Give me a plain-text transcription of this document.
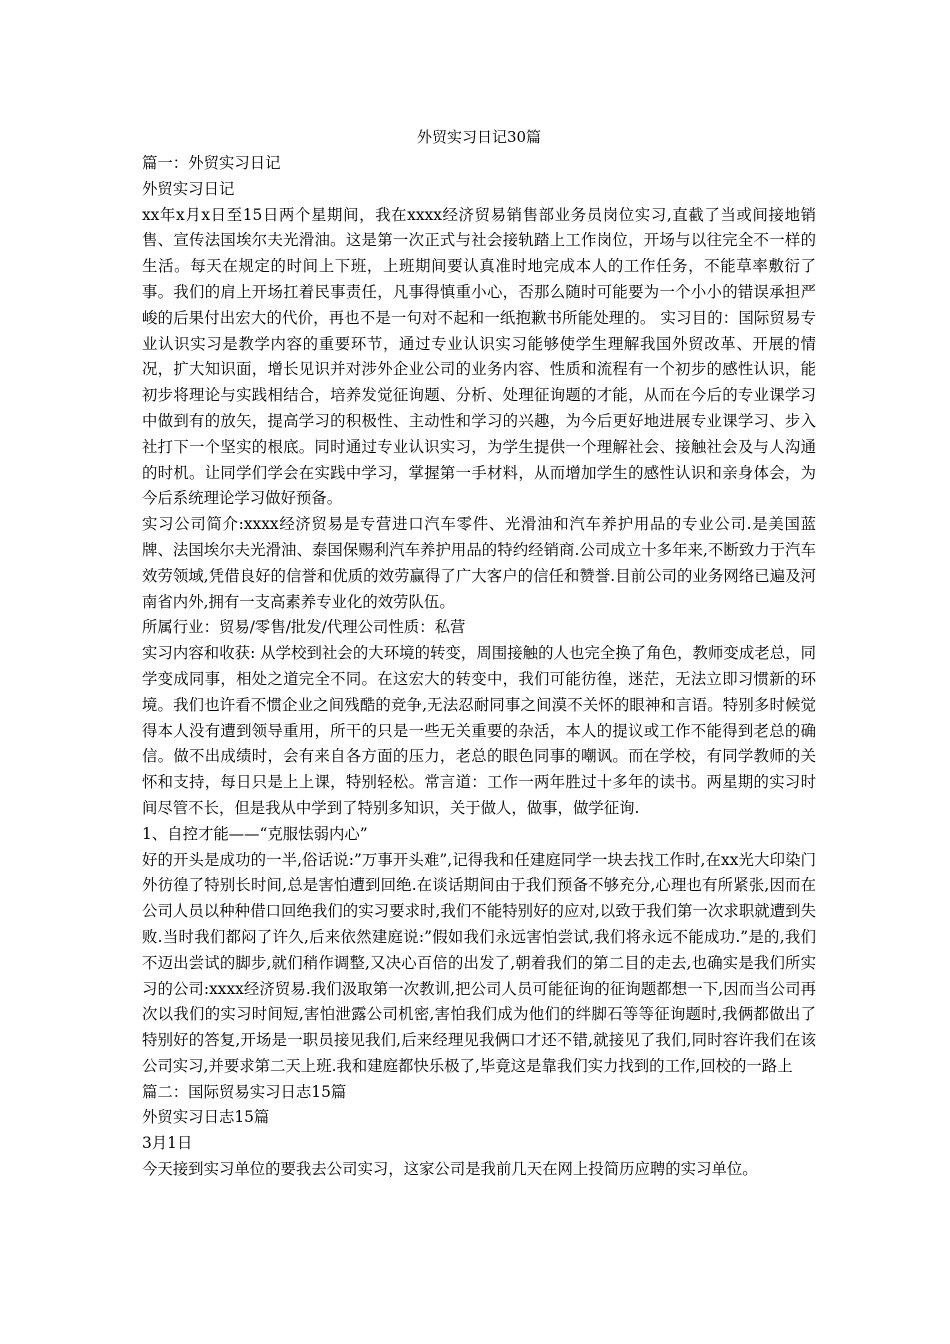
外贸实习日记30篇

篇一：外贸实习日记

外贸实习日记

xx年x月x日至15日两个星期间，我在xxxx经济贸易销售部业务员岗位实习,直截了当或间接地销售、宣传法国埃尔夫光滑油。这是第一次正式与社会接轨踏上工作岗位，开场与以往完全不一样的生活。每天在规定的时间上下班，上班期间要认真准时地完成本人的工作任务，不能草率敷衍了事。我们的肩上开场扛着民事责任，凡事得慎重小心，否那么随时可能要为一个小小的错误承担严峻的后果付出宏大的代价，再也不是一句对不起和一纸抱歉书所能处理的。 实习目的：国际贸易专业认识实习是教学内容的重要环节，通过专业认识实习能够使学生理解我国外贸改革、开展的情况，扩大知识面，增长见识并对涉外企业公司的业务内容、性质和流程有一个初步的感性认识，能初步将理论与实践相结合，培养发觉征询题、分析、处理征询题的才能，从而在今后的专业课学习中做到有的放矢，提高学习的积极性、主动性和学习的兴趣，为今后更好地进展专业课学习、步入社打下一个坚实的根底。同时通过专业认识实习，为学生提供一个理解社会、接触社会及与人沟通的时机。让同学们学会在实践中学习，掌握第一手材料，从而增加学生的感性认识和亲身体会，为今后系统理论学习做好预备。

实习公司简介:xxxx经济贸易是专营进口汽车零件、光滑油和汽车养护用品的专业公司.是美国蓝牌、法国埃尔夫光滑油、泰国保赐利汽车养护用品的特约经销商.公司成立十多年来,不断致力于汽车效劳领域,凭借良好的信誉和优质的效劳赢得了广大客户的信任和赞誉.目前公司的业务网络已遍及河南省内外,拥有一支高素养专业化的效劳队伍。

所属行业：贸易/零售/批发/代理公司性质：私营

实习内容和收获: 从学校到社会的大环境的转变，周围接触的人也完全换了角色，教师变成老总，同学变成同事，相处之道完全不同。在这宏大的转变中，我们可能彷徨，迷茫，无法立即习惯新的环境。我们也许看不惯企业之间残酷的竞争,无法忍耐同事之间漠不关怀的眼神和言语。特别多时候觉得本人没有遭到领导重用，所干的只是一些无关重要的杂活，本人的提议或工作不能得到老总的确信。做不出成绩时，会有来自各方面的压力，老总的眼色同事的嘲讽。而在学校，有同学教师的关怀和支持，每日只是上上课，特别轻松。常言道：工作一两年胜过十多年的读书。两星期的实习时间尽管不长，但是我从中学到了特别多知识，关于做人，做事，做学征询.

1、自控才能——“克服怯弱内心”

好的开头是成功的一半,俗话说:”万事开头难”,记得我和任建庭同学一块去找工作时,在xx光大印染门外彷徨了特别长时间,总是害怕遭到回绝.在谈话期间由于我们预备不够充分,心理也有所紧张,因而在公司人员以种种借口回绝我们的实习要求时,我们不能特别好的应对,以致于我们第一次求职就遭到失败.当时我们都闷了许久,后来依然建庭说:”假如我们永远害怕尝试,我们将永远不能成功.”是的,我们不迈出尝试的脚步,就们稍作调整,又决心百倍的出发了,朝着我们的第二目的走去,也确实是我们所实习的公司:xxxx经济贸易.我们汲取第一次教训,把公司人员可能征询的征询题都想一下,因而当公司再次以我们的实习时间短,害怕泄露公司机密,害怕我们成为他们的绊脚石等等征询题时,我俩都做出了特别好的答复,开场是一职员接见我们,后来经理见我俩口才还不错,就接见了我们,同时容许我们在该公司实习,并要求第二天上班.我和建庭都快乐极了,毕竟这是靠我们实力找到的工作,回校的一路上

篇二：国际贸易实习日志15篇

外贸实习日志15篇

3月1日

今天接到实习单位的要我去公司实习，这家公司是我前几天在网上投简历应聘的实习单位。
